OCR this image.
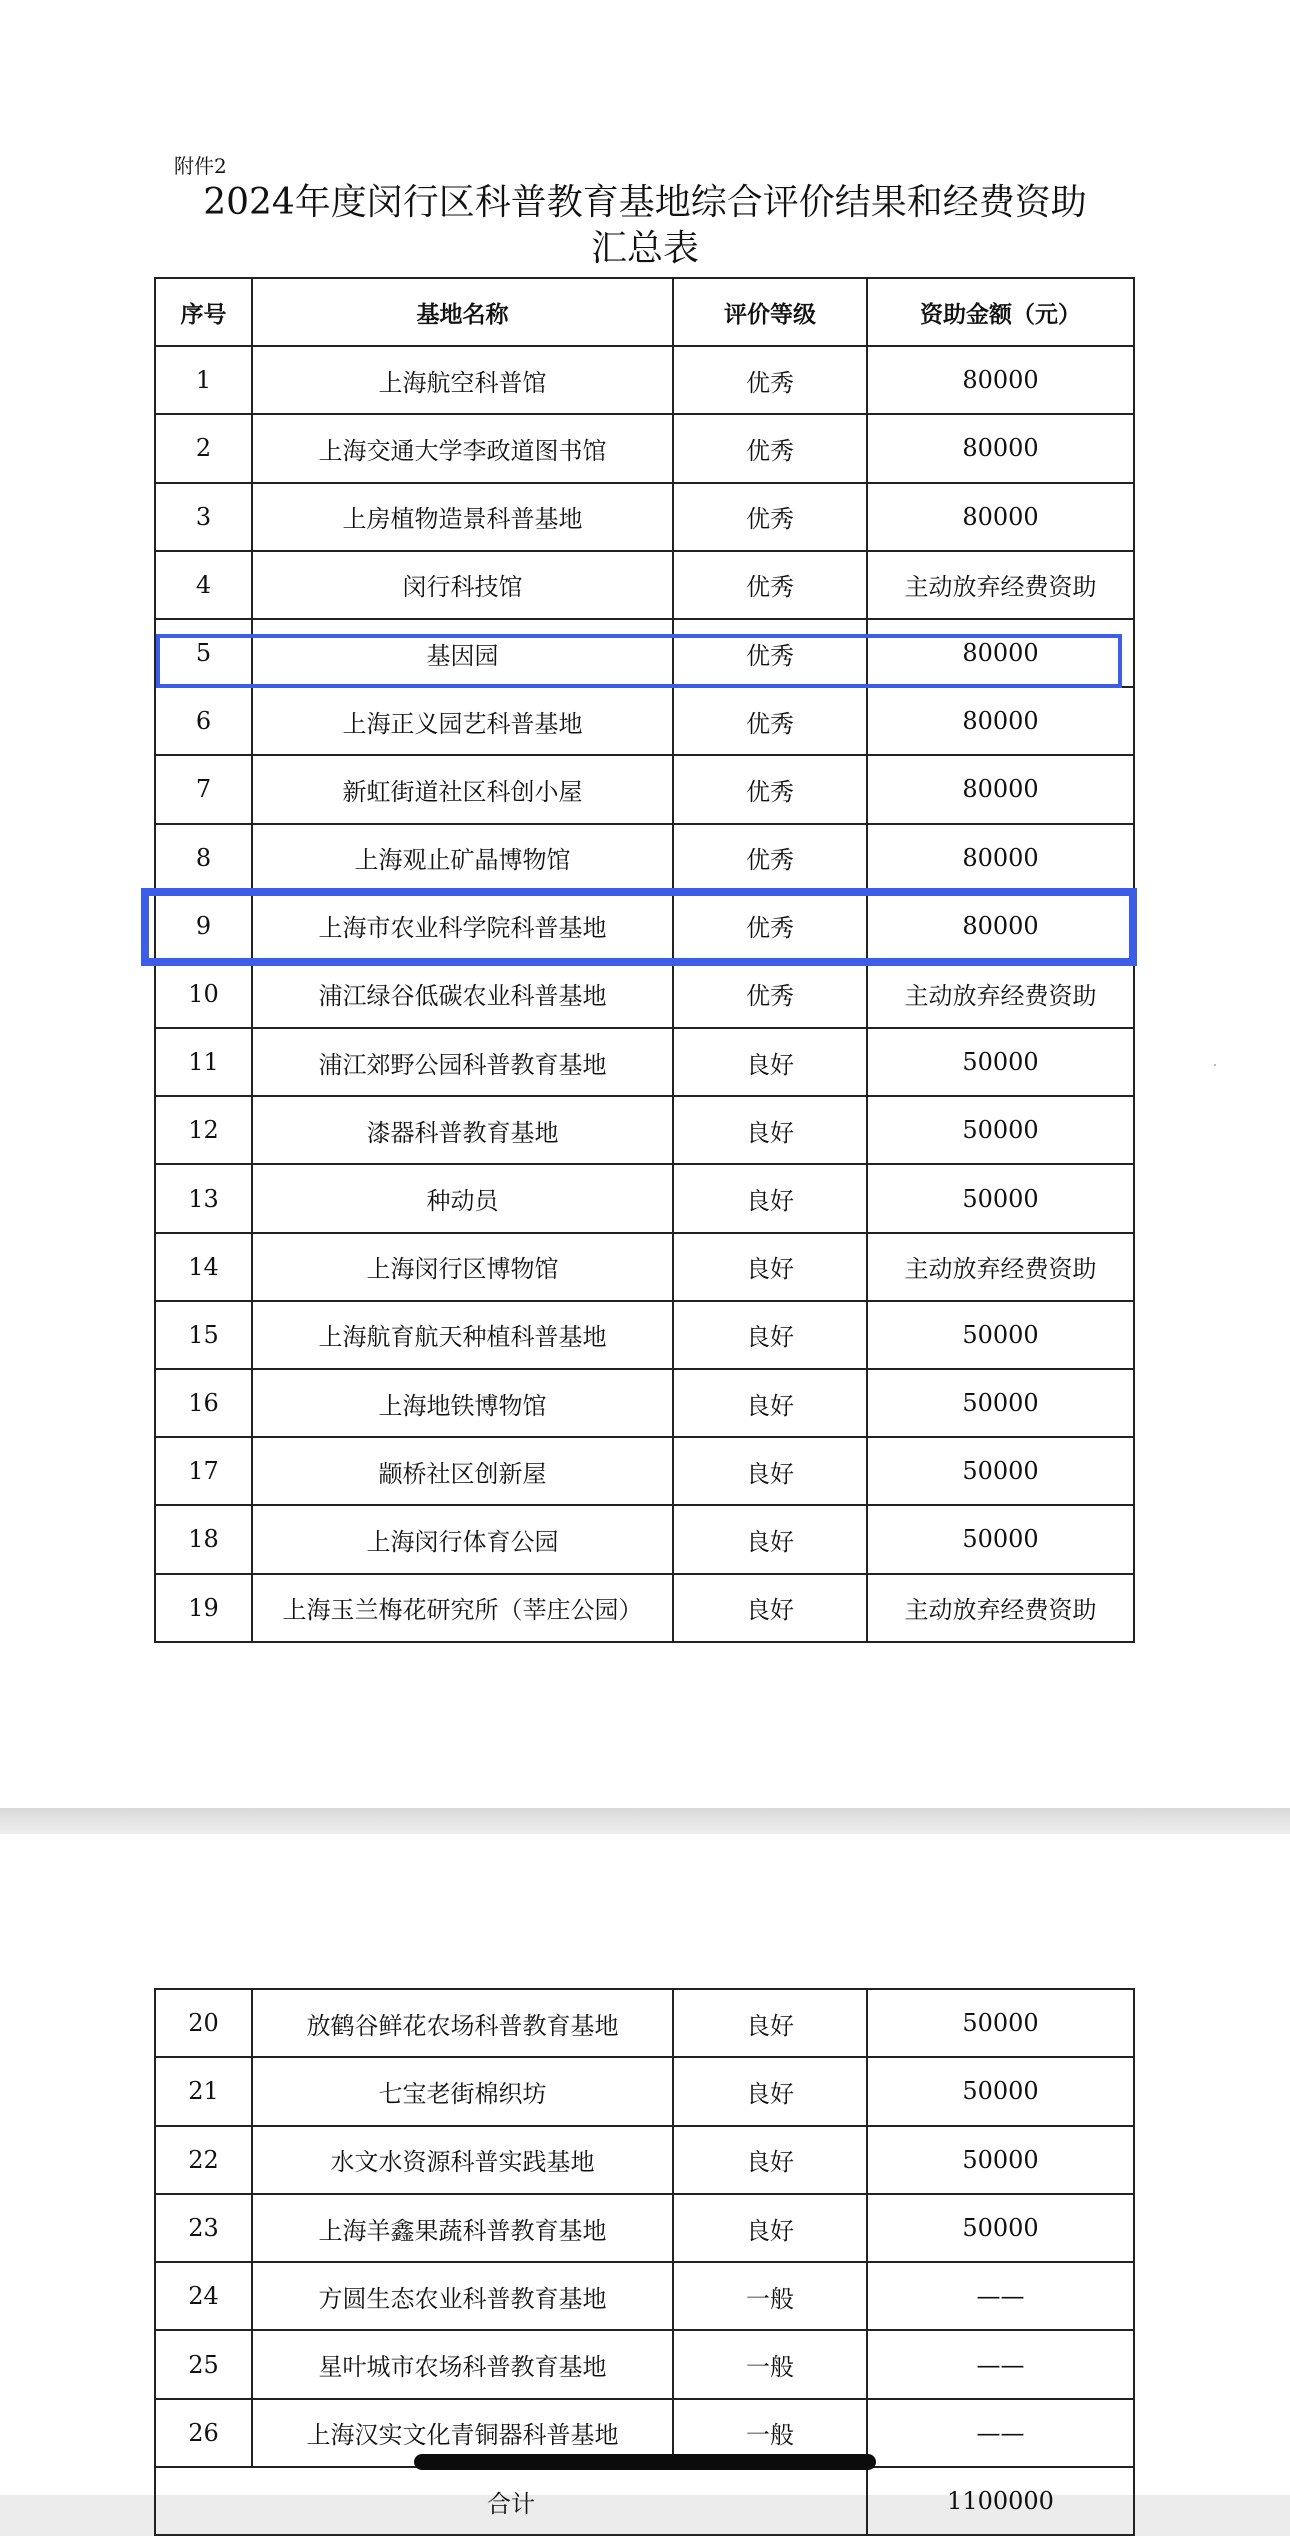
附件2
2024年度闵行区科普教育基地综合评价结果和经费资助
汇总表
序号	基地名称	评价等级	资助金额（元）
1	上海航空科普馆	优秀	80000
2	上海交通大学李政道图书馆	优秀	80000
3	上房植物造景科普基地	优秀	80000
4	闵行科技馆	优秀	主动放弃经费资助
5	基因园	优秀	80000
6	上海正义园艺科普基地	优秀	80000
7	新虹街道社区科创小屋	优秀	80000
8	上海观止矿晶博物馆	优秀	80000
9	上海市农业科学院科普基地	优秀	80000
10	浦江绿谷低碳农业科普基地	优秀	主动放弃经费资助
11	浦江郊野公园科普教育基地	良好	50000
12	漆器科普教育基地	良好	50000
13	种动员	良好	50000
14	上海闵行区博物馆	良好	主动放弃经费资助
15	上海航育航天种植科普基地	良好	50000
16	上海地铁博物馆	良好	50000
17	颛桥社区创新屋	良好	50000
18	上海闵行体育公园	良好	50000
19	上海玉兰梅花研究所（莘庄公园）	良好	主动放弃经费资助
20	放鹤谷鲜花农场科普教育基地	良好	50000
21	七宝老街棉织坊	良好	50000
22	水文水资源科普实践基地	良好	50000
23	上海羊鑫果蔬科普教育基地	良好	50000
24	方圆生态农业科普教育基地	一般	——
25	星叶城市农场科普教育基地	一般	——
26	上海汉实文化青铜器科普基地	一般	——
合计			1100000
